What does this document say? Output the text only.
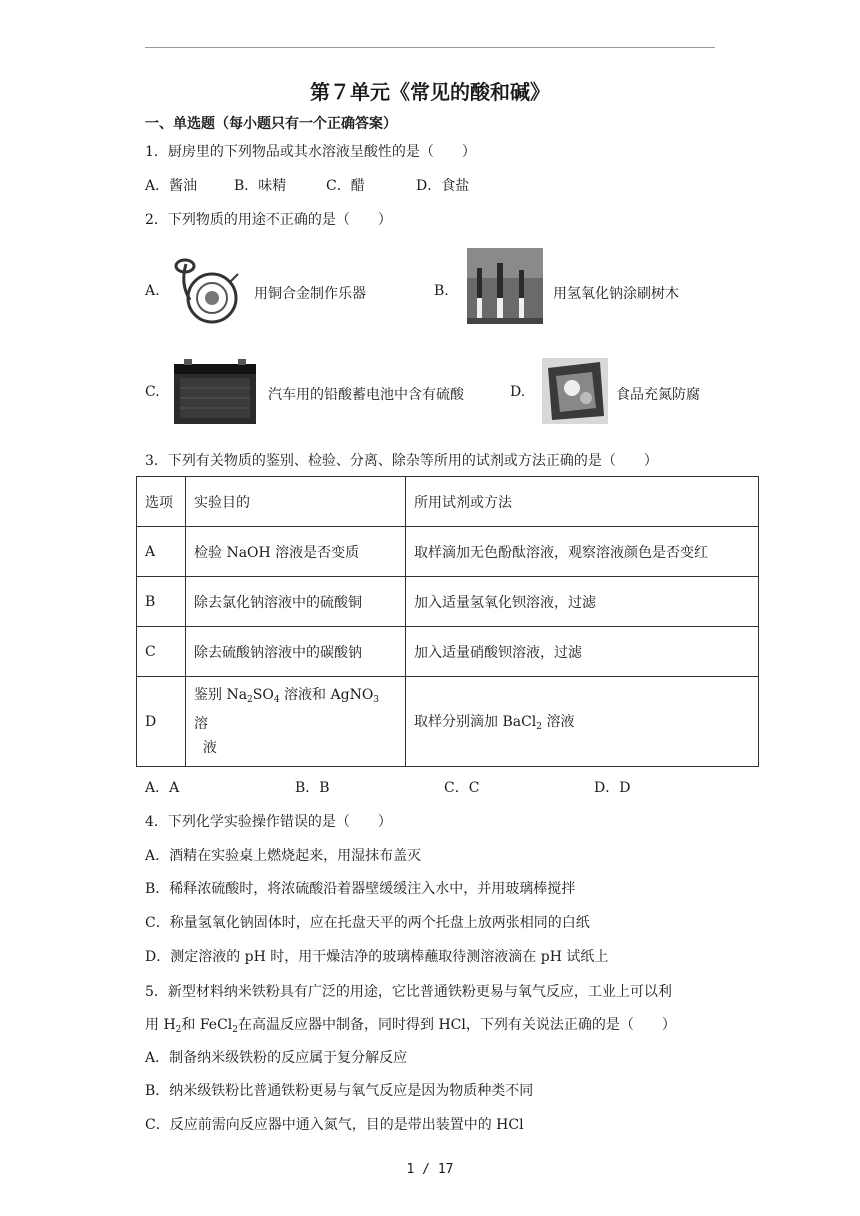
第７单元《常见的酸和碱》
一、单选题（每小题只有一个正确答案）
1．厨房里的下列物品或其水溶液呈酸性的是（　　）
A．酱油	B．味精	C．醋	D．食盐
2．下列物质的用途不正确的是（　　）
A.	用铜合金制作乐器	B.	用氢氧化钠涂刷树木
C.	汽车用的铅酸蓄电池中含有硫酸	D.	食品充氮防腐
3．下列有关物质的鉴别、检验、分离、除杂等所用的试剂或方法正确的是（　　）
选项	实验目的	所用试剂或方法
A	检验 NaOH 溶液是否变质	取样滴加无色酚酞溶液，观察溶液颜色是否变红
B	除去氯化钠溶液中的硫酸铜	加入适量氢氧化钡溶液，过滤
C	除去硫酸钠溶液中的碳酸钠	加入适量硝酸钡溶液，过滤
D	鉴别 $Na_2SO_4$ 溶液和 AgNO$_3$ 溶
液	取样分别滴加 BaCl$_2$ 溶液
A．A	B．B	C．C	D．D
4．下列化学实验操作错误的是（　　）
A．酒精在实验桌上燃烧起来，用湿抹布盖灭
B．稀释浓硫酸时，将浓硫酸沿着器壁缓缓注入水中，并用玻璃棒搅拌
C．称量氢氧化钠固体时，应在托盘天平的两个托盘上放两张相同的白纸
D．测定溶液的 pH 时，用干燥洁净的玻璃棒蘸取待测溶液滴在 pH 试纸上
5．新型材料纳米铁粉具有广泛的用途，它比普通铁粉更易与氧气反应，工业上可以利
用 $H_2$和 FeCl$_2$在高温反应器中制备，同时得到 HCl，下列有关说法正确的是（　　）
A．制备纳米级铁粉的反应属于复分解反应
B．纳米级铁粉比普通铁粉更易与氧气反应是因为物质种类不同
C．反应前需向反应器中通入氮气，目的是带出装置中的 HCl
1 / 17
